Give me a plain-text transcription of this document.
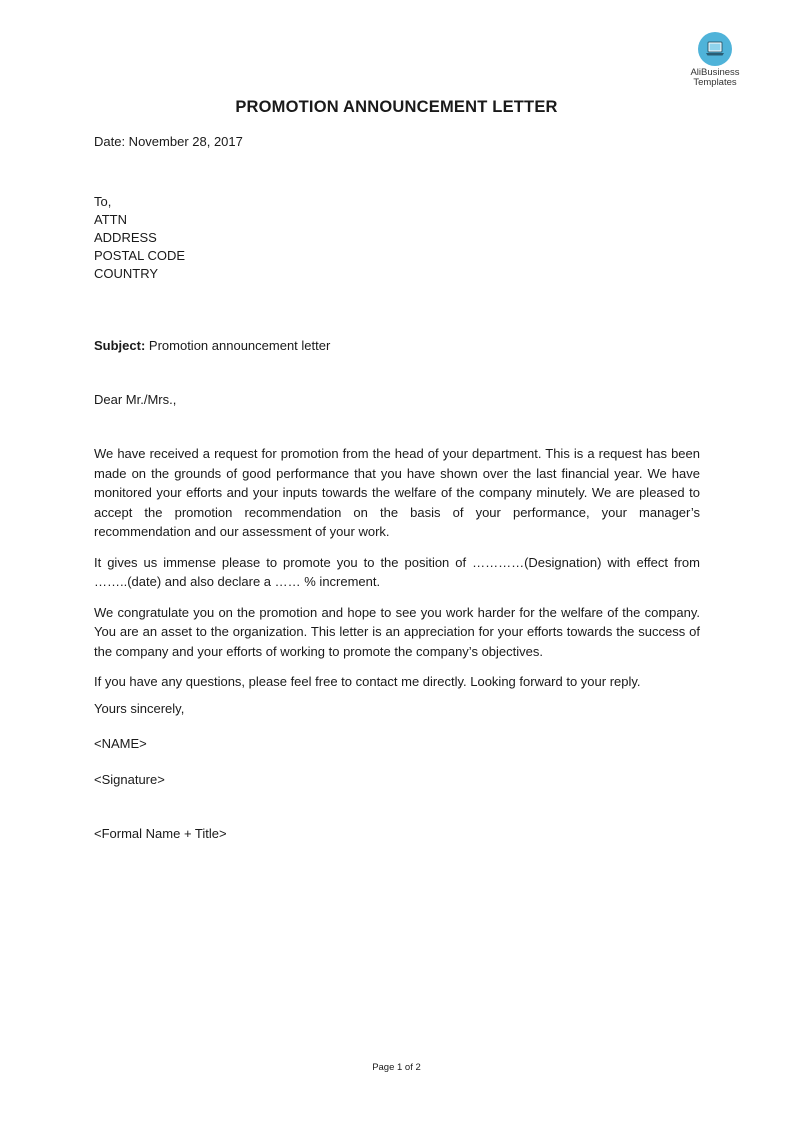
AliBusiness
Templates
PROMOTION ANNOUNCEMENT LETTER
Date: November 28, 2017
To,
ATTN
ADDRESS
POSTAL CODE
COUNTRY
Subject: Promotion announcement letter
Dear Mr./Mrs.,

We have received a request for promotion from the head of your department. This is a request has been made on the grounds of good performance that you have shown over the last financial year. We have monitored your efforts and your inputs towards the welfare of the company minutely. We are pleased to accept the promotion recommendation on the basis of your performance, your manager’s recommendation and our assessment of your work.

It gives us immense please to promote you to the position of …………(Designation) with effect from ……..(date) and also declare a …… % increment.

We congratulate you on the promotion and hope to see you work harder for the welfare of the company. You are an asset to the organization. This letter is an appreciation for your efforts towards the success of the company and your efforts of working to promote the company’s objectives.

If you have any questions, please feel free to contact me directly. Looking forward to your reply.

Yours sincerely,
<NAME>
<Signature>
<Formal Name + Title>
Page 1 of 2
